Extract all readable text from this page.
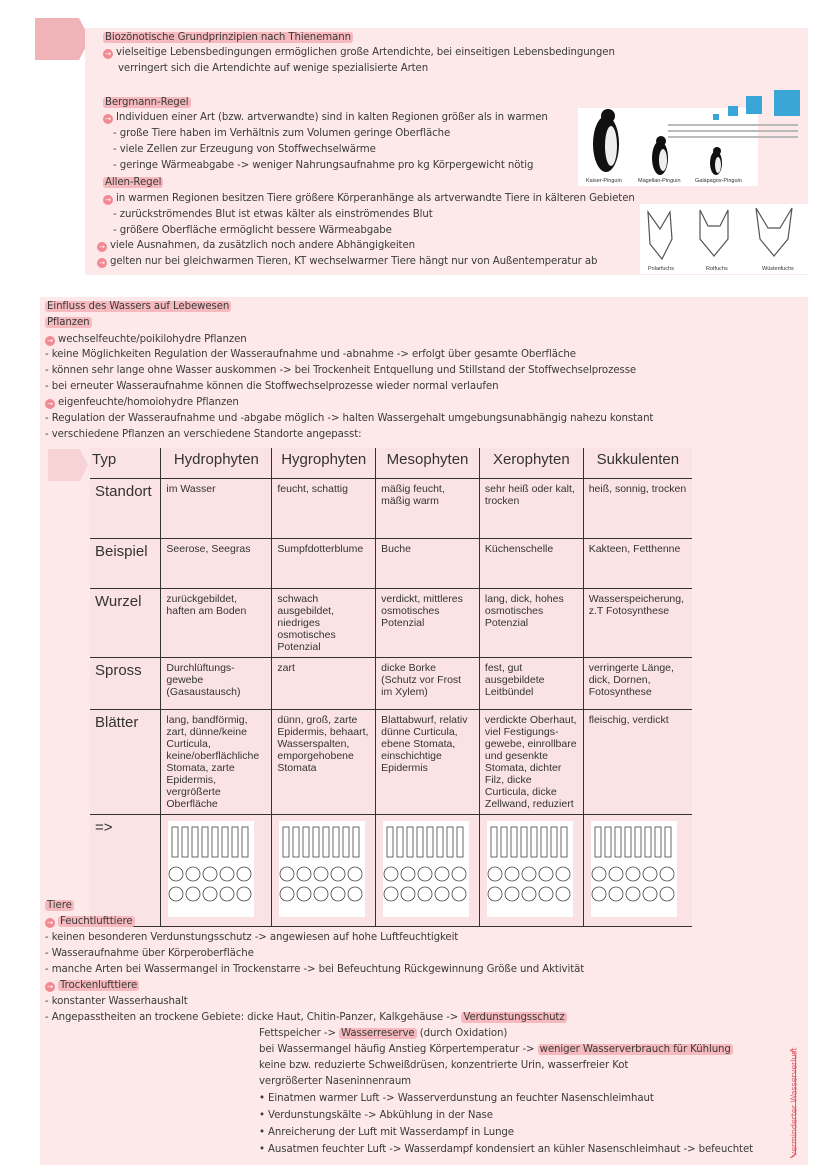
Biozönotische Grundprinzipien nach Thienemann
→ vielseitige Lebensbedingungen ermöglichen große Artendichte, bei einseitigen Lebensbedingungen
verringert sich die Artendichte auf wenige spezialisierte Arten
Bergmann-Regel
→ Individuen einer Art (bzw. artverwandte) sind in kalten Regionen größer als in warmen
- große Tiere haben im Verhältnis zum Volumen geringe Oberfläche
- viele Zellen zur Erzeugung von Stoffwechselwärme
- geringe Wärmeabgabe -> weniger Nahrungsaufnahme pro kg Körpergewicht nötig
Allen-Regel
→ in warmen Regionen besitzen Tiere größere Körperanhänge als artverwandte Tiere in kälteren Gebieten
- zurückströmendes Blut ist etwas kälter als einströmendes Blut
- größere Oberfläche ermöglicht bessere Wärmeabgabe
→ viele Ausnahmen, da zusätzlich noch andere Abhängigkeiten
→ gelten nur bei gleichwarmen Tieren, KT wechselwarmer Tiere hängt nur von Außentemperatur ab
Kaiser-Pinguin	Magellan-Pinguin	Galápagos-Pinguin
Polarfuchs	Rotfuchs	Wüstenfuchs
Einfluss des Wassers auf Lebewesen
Pflanzen
→ wechselfeuchte/poikilohydre Pflanzen
- keine Möglichkeiten Regulation der Wasseraufnahme und -abnahme -> erfolgt über gesamte Oberfläche
- können sehr lange ohne Wasser auskommen -> bei Trockenheit Entquellung und Stillstand der Stoffwechselprozesse
- bei erneuter Wasseraufnahme können die Stoffwechselprozesse wieder normal verlaufen
→ eigenfeuchte/homoiohydre Pflanzen
- Regulation der Wasseraufnahme und -abgabe möglich -> halten Wassergehalt umgebungsunabhängig nahezu konstant
- verschiedene Pflanzen an verschiedene Standorte angepasst:
Typ	Hydrophyten	Hygrophyten	Mesophyten	Xerophyten	Sukkulenten
Standort	im Wasser	feucht, schattig	mäßig feucht, mäßig warm	sehr heiß oder kalt, trocken	heiß, sonnig, trocken
Beispiel	Seerose, Seegras	Sumpfdotterblume	Buche	Küchenschelle	Kakteen, Fetthenne
Wurzel	zurückgebildet, haften am Boden	schwach ausgebildet, niedriges osmotisches Potenzial	verdickt, mittleres osmotisches Potenzial	lang, dick, hohes osmotisches Potenzial	Wasserspeicherung, z.T Fotosynthese
Spross	Durchlüftungs-gewebe (Gasaustausch)	zart	dicke Borke (Schutz vor Frost im Xylem)	fest, gut ausgebildete Leitbündel	verringerte Länge, dick, Dornen, Fotosynthese
Blätter	lang, bandförmig, zart, dünne/keine Curticula, keine/oberflächliche Stomata, zarte Epidermis, vergrößerte Oberfläche	dünn, groß, zarte Epidermis, behaart, Wasserspalten, emporgehobene Stomata	Blattabwurf, relativ dünne Curticula, ebene Stomata, einschichtige Epidermis	verdickte Oberhaut, viel Festigungs-gewebe, einrollbare und gesenkte Stomata, dichter Filz, dicke Curticula, dicke Zellwand, reduziert	fleischig, verdickt
=>					
Tiere
→ Feuchtlufttiere
- keinen besonderen Verdunstungsschutz -> angewiesen auf hohe Luftfeuchtigkeit
- Wasseraufnahme über Körperoberfläche
- manche Arten bei Wassermangel in Trockenstarre -> bei Befeuchtung Rückgewinnung Größe und Aktivität
→ Trockenlufttiere
- konstanter Wasserhaushalt
- Angepasstheiten an trockene Gebiete: dicke Haut, Chitin-Panzer, Kalkgehäuse -> Verdunstungsschutz
Fettspeicher -> Wasserreserve (durch Oxidation)
bei Wassermangel häufig Anstieg Körpertemperatur -> weniger Wasserverbrauch für Kühlung
keine bzw. reduzierte Schweißdrüsen, konzentrierte Urin, wasserfreier Kot
vergrößerter Naseninnenraum
• Einatmen warmer Luft -> Wasserverdunstung an feuchter Nasenschleimhaut
• Verdunstungskälte -> Abkühlung in der Nase
• Anreicherung der Luft mit Wasserdampf in Lunge
• Ausatmen feuchter Luft -> Wasserdampf kondensiert an kühler Nasenschleimhaut -> befeuchtet	verminderter Wasserverlust
